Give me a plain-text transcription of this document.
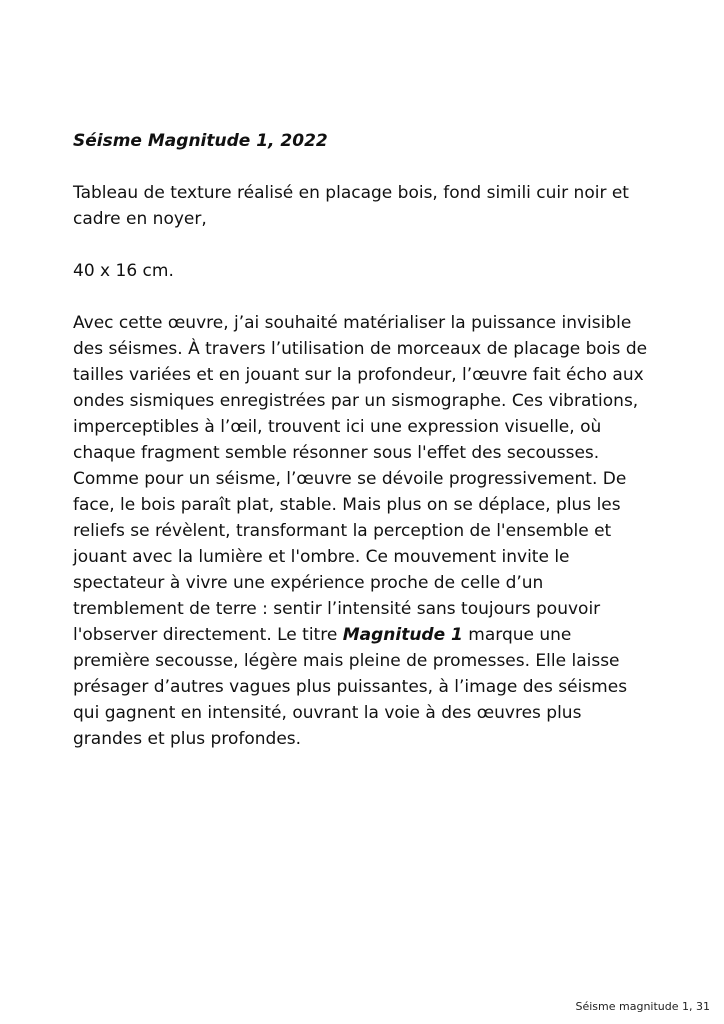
Séisme Magnitude 1, 2022

Tableau de texture réalisé en placage bois, fond simili cuir noir et cadre en noyer,

40 x 16 cm.

Avec cette œuvre, j’ai souhaité matérialiser la puissance invisible des séismes. À travers l’utilisation de morceaux de placage bois de tailles variées et en jouant sur la profondeur, l’œuvre fait écho aux ondes sismiques enregistrées par un sismographe. Ces vibrations, imperceptibles à l’œil, trouvent ici une expression visuelle, où chaque fragment semble résonner sous l'effet des secousses. Comme pour un séisme, l’œuvre se dévoile progressivement. De face, le bois paraît plat, stable. Mais plus on se déplace, plus les reliefs se révèlent, transformant la perception de l'ensemble et jouant avec la lumière et l'ombre. Ce mouvement invite le spectateur à vivre une expérience proche de celle d’un tremblement de terre : sentir l’intensité sans toujours pouvoir l'observer directement. Le titre Magnitude 1 marque une première secousse, légère mais pleine de promesses. Elle laisse présager d’autres vagues plus puissantes, à l’image des séismes qui gagnent en intensité, ouvrant la voie à des œuvres plus grandes et plus profondes.

Séisme magnitude 1, 31
